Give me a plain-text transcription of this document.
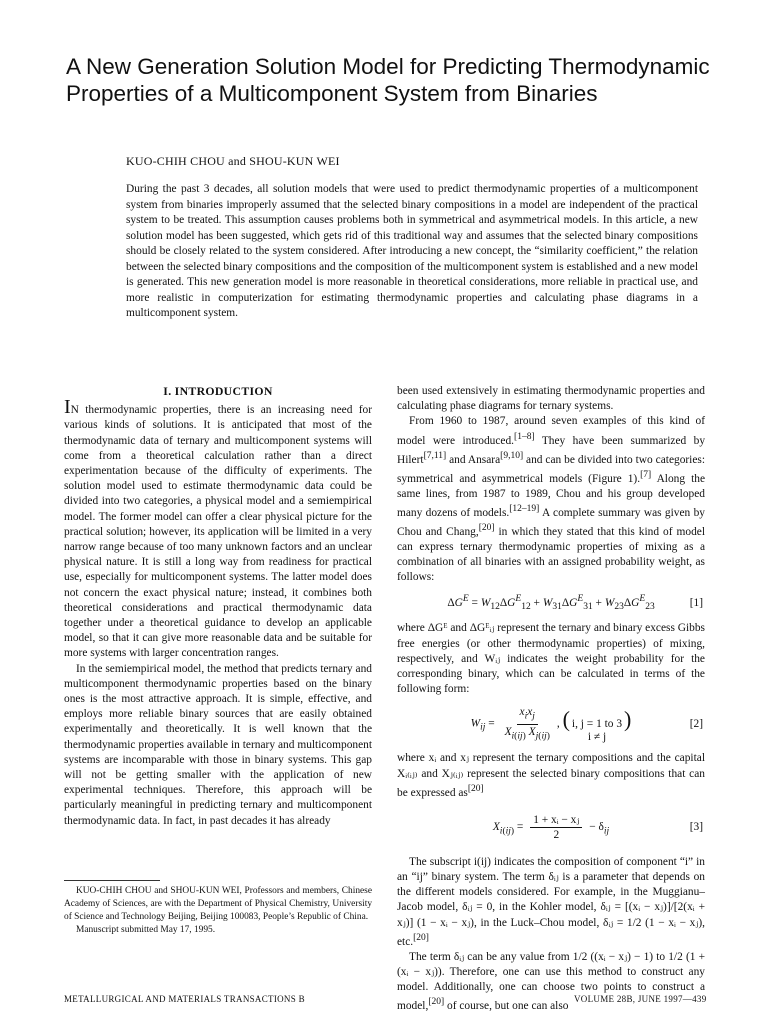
A New Generation Solution Model for Predicting Thermodynamic Properties of a Multicomponent System from Binaries
KUO-CHIH CHOU and SHOU-KUN WEI
During the past 3 decades, all solution models that were used to predict thermodynamic properties of a multicomponent system from binaries improperly assumed that the selected binary compositions in a model are independent of the practical system to be treated. This assumption causes problems both in symmetrical and asymmetrical models. In this article, a new solution model has been suggested, which gets rid of this traditional way and assumes that the selected binary compositions should be closely related to the system considered. After introducing a new concept, the “similarity coefficient,” the relation between the selected binary compositions and the composition of the multicomponent system is established and a new model is generated. This new generation model is more reasonable in theoretical considerations, more reliable in practical use, and more realistic in computerization for estimating thermodynamic properties and calculating phase diagrams in a multicomponent system.
I. INTRODUCTION

IN thermodynamic properties, there is an increasing need for various kinds of solutions. It is anticipated that most of the thermodynamic data of ternary and multicomponent systems will come from a theoretical calculation rather than a direct experimentation because of the difficulty of experiments. The solution model used to estimate thermodynamic data could be divided into two categories, a physical model and a semiempirical model. The former model can offer a clear physical picture for the practical solution; however, its application will be limited in a very narrow range because of too many unknown factors and an unclear physical nature. It is still a long way from readiness for practical use, especially for multicomponent systems. The latter model does not concern the exact physical nature; instead, it combines both theoretical considerations and practical thermodynamic data together under a theoretical guidance to develop an applicable model, so that it can give more reasonable data and be suitable for more systems with larger concentration ranges.

In the semiempirical model, the method that predicts ternary and multicomponent thermodynamic properties based on the binary ones is the most attractive approach. It is simple, effective, and employs more reliable binary sources that are easily obtained experimentally and theoretically. It is well known that the thermodynamic properties available in ternary and multicomponent systems are incomparable with those in binary systems. This gap will not be getting smaller with the application of new experimental techniques. Therefore, this approach will be particularly meaningful in predicting ternary and multicomponent thermodynamic data. In fact, in past decades it has already

been used extensively in estimating thermodynamic properties and calculating phase diagrams for ternary systems.

From 1960 to 1987, around seven examples of this kind of model were introduced.[1–8] They have been summarized by Hilert[7,11] and Ansara[9,10] and can be divided into two categories: symmetrical and asymmetrical models (Figure 1).[7] Along the same lines, from 1987 to 1989, Chou and his group developed many dozens of models.[12–19] A complete summary was given by Chou and Chang,[20] in which they stated that this kind of model can express ternary thermodynamic properties of mixing as a combination of all binaries with an assigned probability weight, as follows:

$\Delta G^E = W_{12}\Delta G^E_{12} + W_{31}\Delta G^E_{31} + W_{23}\Delta G^E_{23}$	[1]

where ΔGᴱ and ΔGᴱᵢⱼ represent the ternary and binary excess Gibbs free energies (or other thermodynamic properties) of mixing, respectively, and Wᵢⱼ indicates the weight probability for the corresponding binary, which can be calculated in terms of the following form:

$W_{ij} = \frac{x_ix_j}{X_{i(ij)} X_{j(ij)}}$ , ( i, j = 1 to 3
i ≠ j
)	[2]

where xᵢ and xⱼ represent the ternary compositions and the capital Xᵢ₍ᵢⱼ₎ and Xⱼ₍ᵢⱼ₎ represent the selected binary compositions that can be expressed as[20]

$X_{i(ij)} = \frac{\text{1 + xᵢ − xⱼ}}{2} - \delta_{ij}$	[3]

The subscript i(ij) indicates the composition of component “i” in an “ij” binary system. The term δᵢⱼ is a parameter that depends on the different models considered. For example, in the Muggianu–Jacob model, δᵢⱼ = 0, in the Kohler model, δᵢⱼ = [(xᵢ − xⱼ)]/[2(xᵢ + xⱼ)] (1 − xᵢ − xⱼ), in the Luck–Chou model, δᵢⱼ = 1/2 (1 − xᵢ − xⱼ), etc.[20]

The term δᵢⱼ can be any value from 1/2 ((xᵢ − xⱼ) − 1) to 1/2 (1 + (xᵢ − xⱼ)). Therefore, one can use this method to construct any model. Additionally, one can choose two points to construct a model,[20] of course, but one can also

KUO-CHIH CHOU and SHOU-KUN WEI, Professors and members, Chinese Academy of Sciences, are with the Department of Physical Chemistry, University of Science and Technology Beijing, Beijing 100083, People’s Republic of China.

Manuscript submitted May 17, 1995.

METALLURGICAL AND MATERIALS TRANSACTIONS B	VOLUME 28B, JUNE 1997—439
